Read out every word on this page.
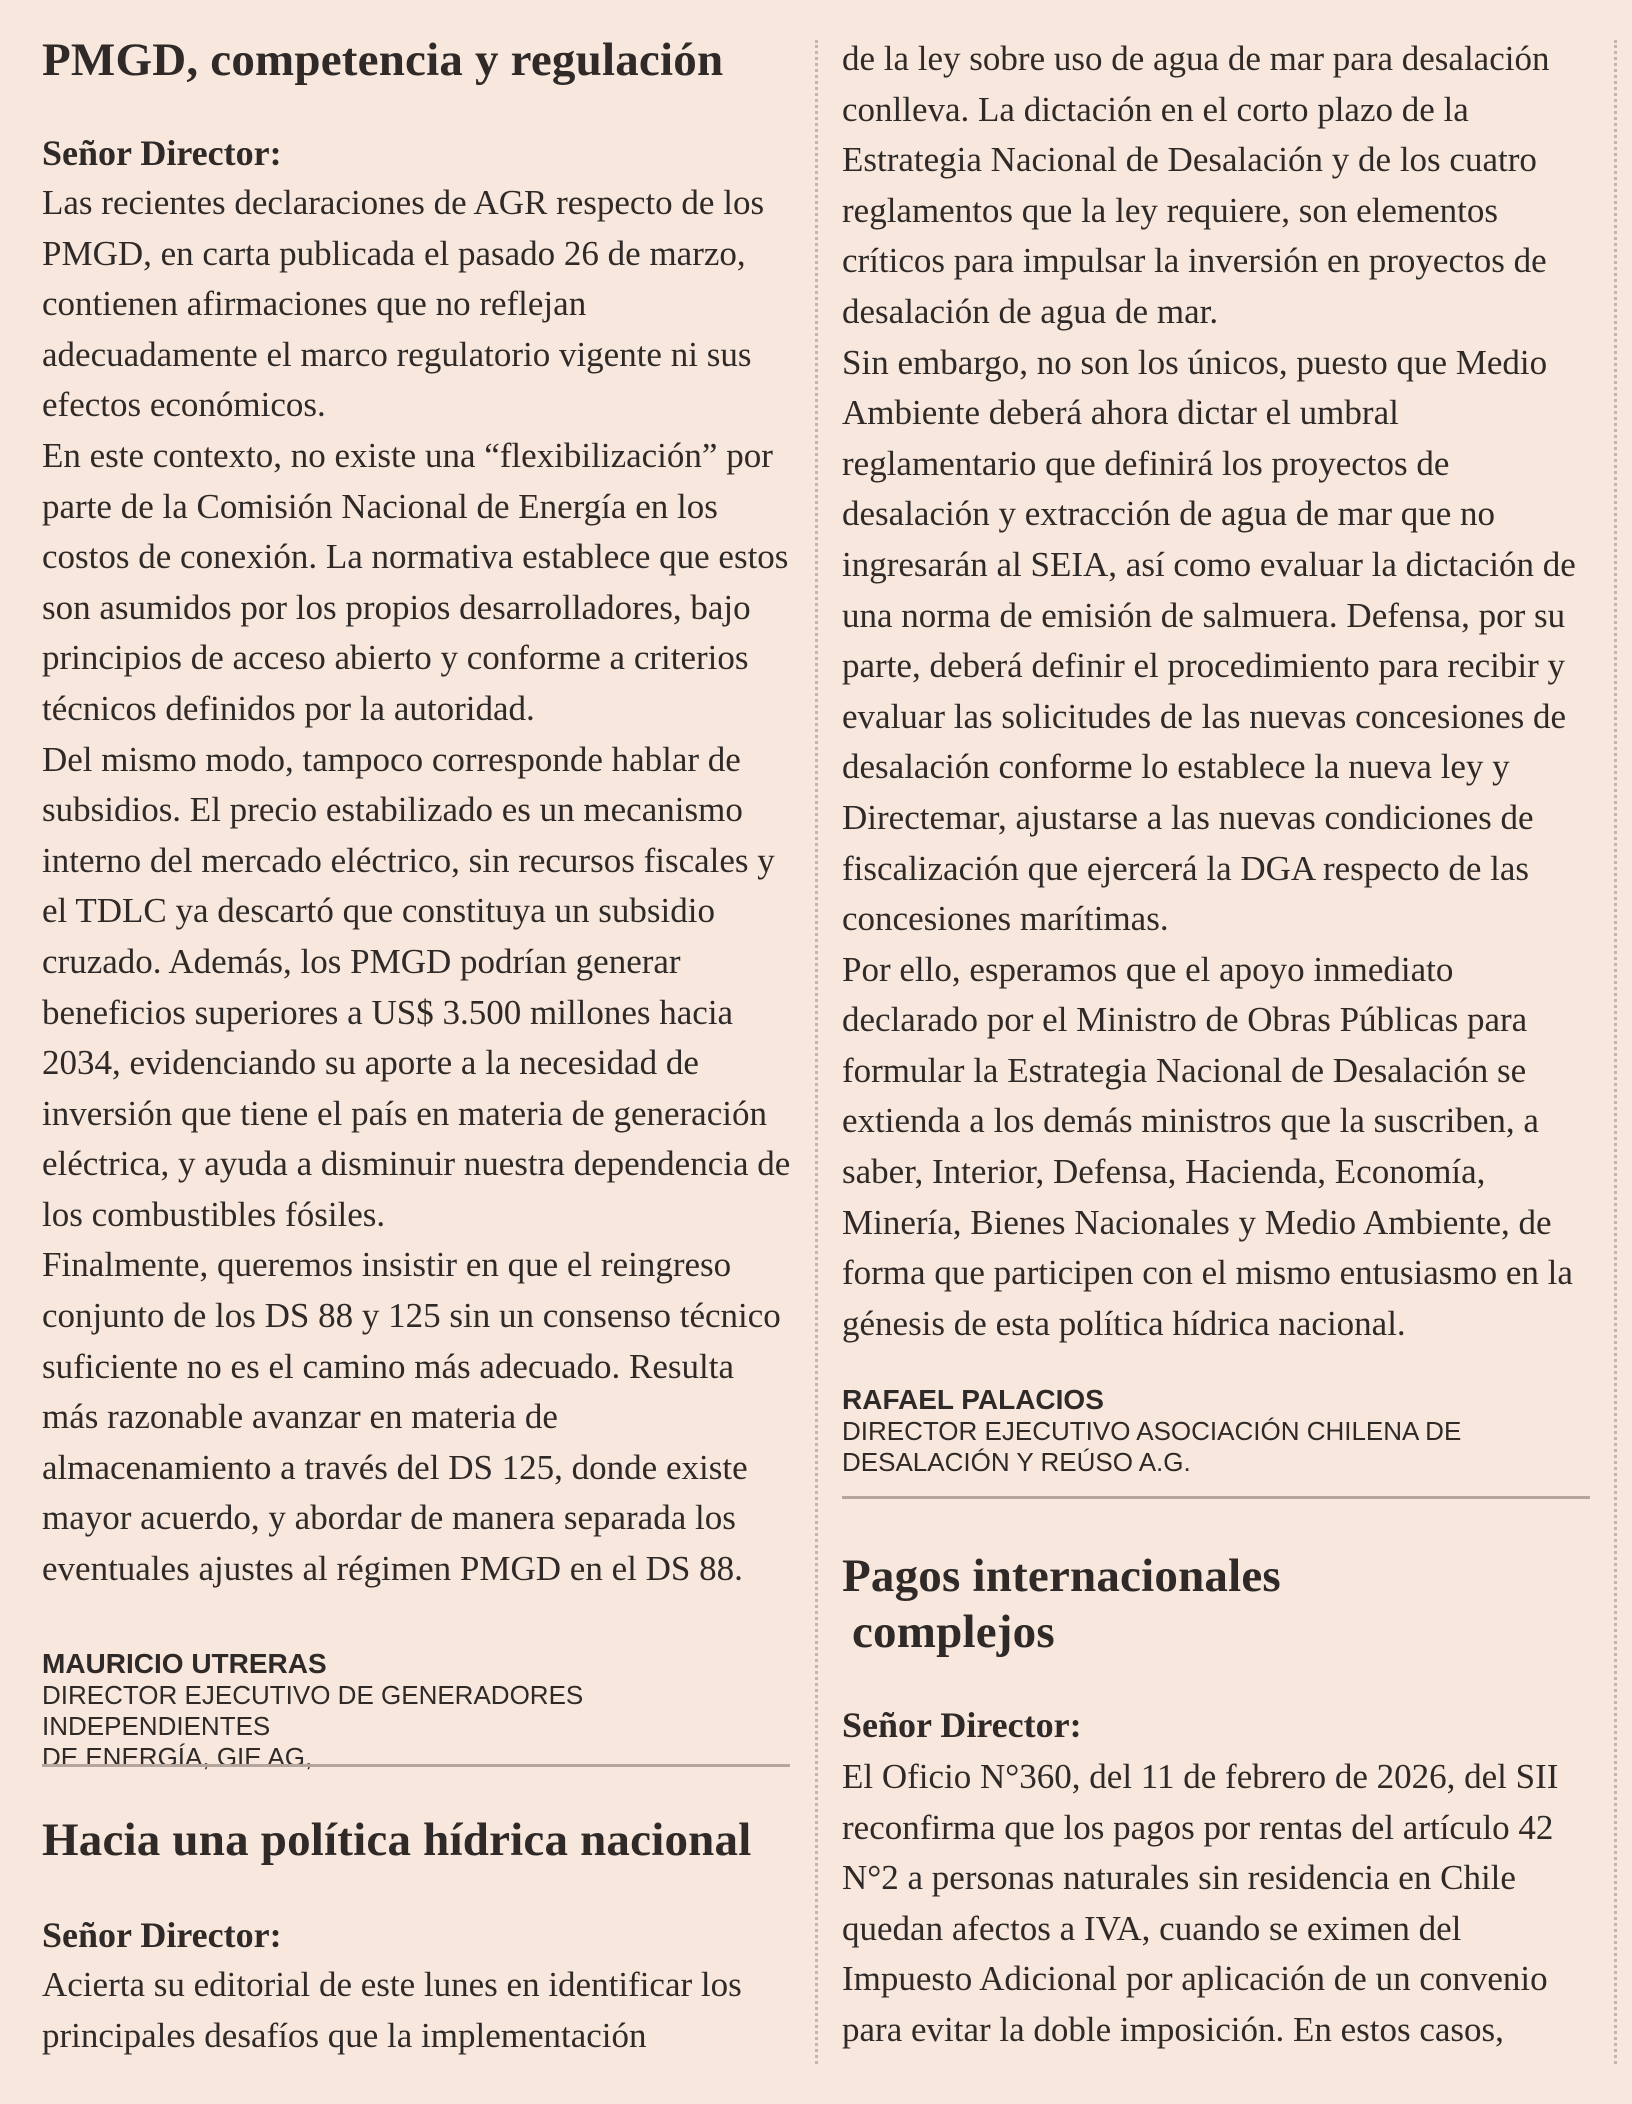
PMGD, competencia y regulación

Señor Director:

Las recientes declaraciones de AGR respecto de los PMGD, en carta publicada el pasado 26 de marzo, contienen afirmaciones que no reflejan adecuadamente el marco regulatorio vigente ni sus efectos económicos.

En este contexto, no existe una “flexibilización” por parte de la Comisión Nacional de Energía en los costos de conexión. La normativa establece que estos son asumidos por los propios desarrolladores, bajo principios de acceso abierto y conforme a criterios técnicos definidos por la autoridad.

Del mismo modo, tampoco corresponde hablar de subsidios. El precio estabilizado es un mecanismo interno del mercado eléctrico, sin recursos fiscales y el TDLC ya descartó que constituya un subsidio cruzado. Además, los PMGD podrían generar beneficios superiores a US$ 3.500 millones hacia 2034, evidenciando su aporte a la necesidad de inversión que tiene el país en materia de generación eléctrica, y ayuda a disminuir nuestra dependencia de los combustibles fósiles.

Finalmente, queremos insistir en que el reingreso conjunto de los DS 88 y 125 sin un consenso técnico suficiente no es el camino más adecuado. Resulta más razonable avanzar en materia de almacenamiento a través del DS 125, donde existe mayor acuerdo, y abordar de manera separada los eventuales ajustes al régimen PMGD en el DS 88.

MAURICIO UTRERAS

DIRECTOR EJECUTIVO DE GENERADORES INDEPENDIENTES

DE ENERGÍA, GIE AG,

Hacia una política hídrica nacional

Señor Director:

Acierta su editorial de este lunes en identificar los principales desafíos que la implementación

de la ley sobre uso de agua de mar para desalación conlleva. La dictación en el corto plazo de la Estrategia Nacional de Desalación y de los cuatro reglamentos que la ley requiere, son elementos críticos para impulsar la inversión en proyectos de desalación de agua de mar.

Sin embargo, no son los únicos, puesto que Medio Ambiente deberá ahora dictar el umbral reglamentario que definirá los proyectos de desalación y extracción de agua de mar que no ingresarán al SEIA, así como evaluar la dictación de una norma de emisión de salmuera. Defensa, por su parte, deberá definir el procedimiento para recibir y evaluar las solicitudes de las nuevas concesiones de desalación conforme lo establece la nueva ley y Directemar, ajustarse a las nuevas condiciones de fiscalización que ejercerá la DGA respecto de las concesiones marítimas.

Por ello, esperamos que el apoyo inmediato declarado por el Ministro de Obras Públicas para formular la Estrategia Nacional de Desalación se extienda a los demás ministros que la suscriben, a saber, Interior, Defensa, Hacienda, Economía, Minería, Bienes Nacionales y Medio Ambiente, de forma que participen con el mismo entusiasmo en la génesis de esta política hídrica nacional.

RAFAEL PALACIOS

DIRECTOR EJECUTIVO ASOCIACIÓN CHILENA DE

DESALACIÓN Y REÚSO A.G.

Pagos internacionales
complejos

Señor Director:

El Oficio N°360, del 11 de febrero de 2026, del SII reconfirma que los pagos por rentas del artículo 42 N°2 a personas naturales sin residencia en Chile quedan afectos a IVA, cuando se eximen del Impuesto Adicional por aplicación de un convenio para evitar la doble imposición. En estos casos,
